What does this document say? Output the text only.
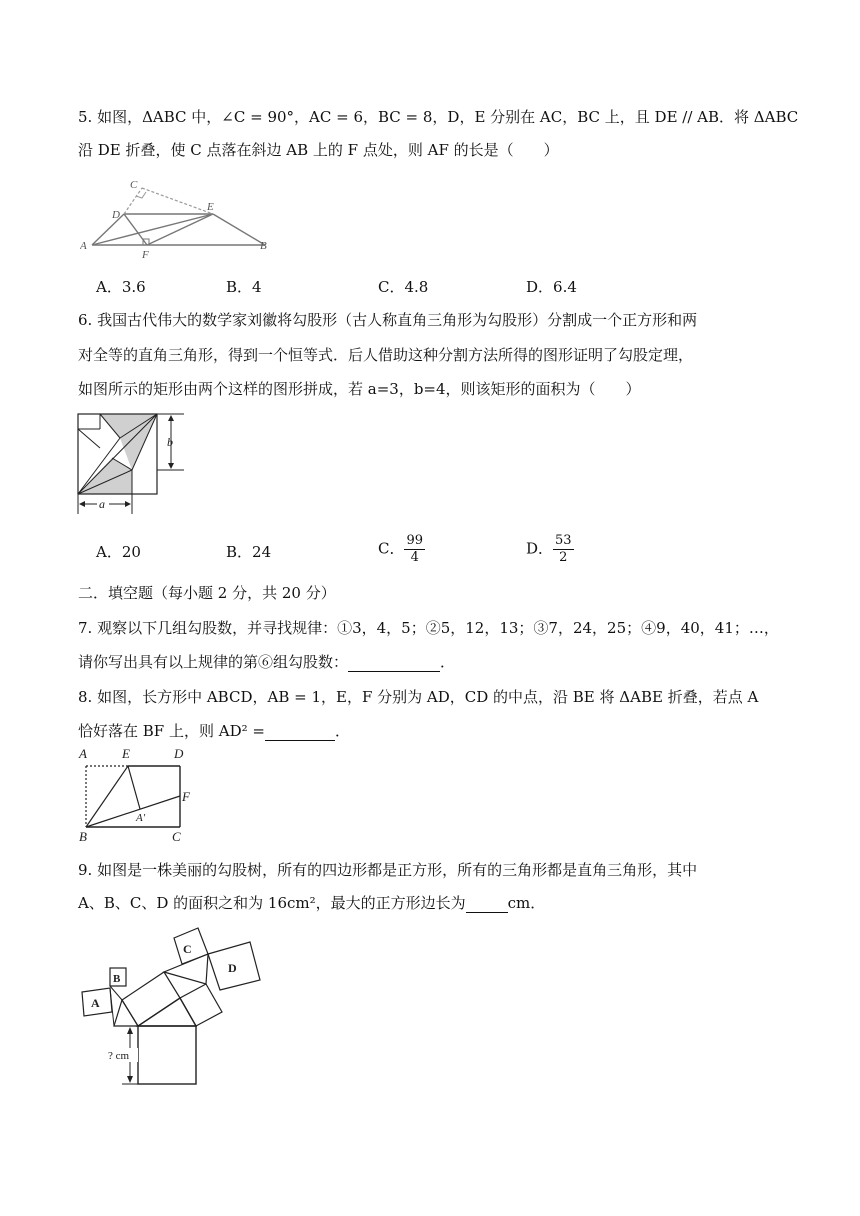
5. 如图，ΔABC 中，∠C = 90°，AC = 6，BC = 8，D，E 分别在 AC，BC 上，且 DE // AB．将 ΔABC
沿 DE 折叠，使 C 点落在斜边 AB 上的 F 点处，则 AF 的长是（　　）
C
D
E
A
F
B
A．3.6	B．4	C．4.8	D．6.4
6. 我国古代伟大的数学家刘徽将勾股形（古人称直角三角形为勾股形）分割成一个正方形和两
对全等的直角三角形，得到一个恒等式．后人借助这种分割方法所得的图形证明了勾股定理，
如图所示的矩形由两个这样的图形拼成，若 a=3，b=4，则该矩形的面积为（　　）
b
a
A．20	B．24	C． $\frac{99}{4}$	D． $\frac{53}{2}$
二．填空题（每小题 2 分，共 20 分）
7. 观察以下几组勾股数，并寻找规律：①3，4，5；②5，12，13；③7，24，25；④9，40，41；…，
请你写出具有以上规律的第⑥组勾股数：	．
8. 如图，长方形中 ABCD，AB = 1，E，F 分别为 AD，CD 的中点，沿 BE 将 ΔABE 折叠，若点 A
恰好落在 BF 上，则 AD² =	．
A	E	D
F
A′
B	C
9. 如图是一株美丽的勾股树，所有的四边形都是正方形，所有的三角形都是直角三角形，其中
A、B、C、D 的面积之和为 16cm²，最大的正方形边长为	cm．
B
A
C
D
? cm
